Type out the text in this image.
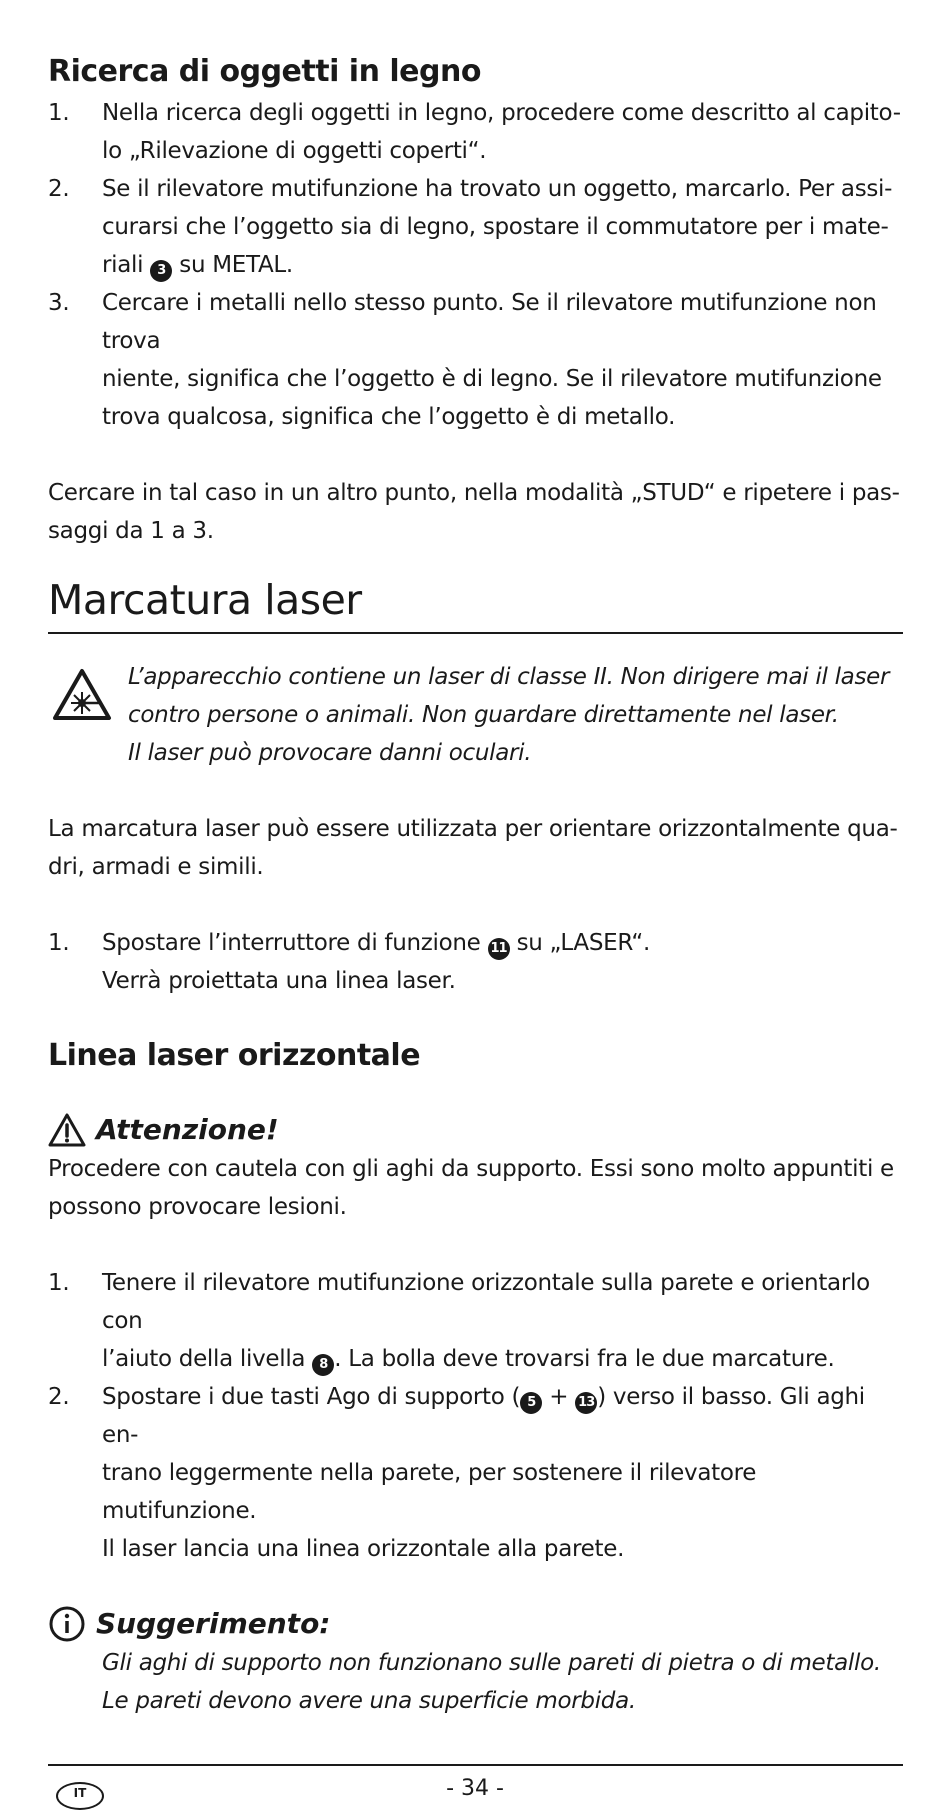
Ricerca di oggetti in legno
1. Nella ricerca degli oggetti in legno, procedere come descritto al capito-
lo „Rilevazione di oggetti coperti“.
2. Se il rilevatore mutifunzione ha trovato un oggetto, marcarlo. Per assi-
curarsi che l’oggetto sia di legno, spostare il commutatore per i mate-
riali 3 su METAL.
3. Cercare i metalli nello stesso punto. Se il rilevatore mutifunzione non trova
niente, significa che l’oggetto è di legno. Se il rilevatore mutifunzione
trova qualcosa, significa che l’oggetto è di metallo.

Cercare in tal caso in un altro punto, nella modalità „STUD“ e ripetere i pas-

saggi da 1 a 3.

Marcatura laser

L’apparecchio contiene un laser di classe II. Non dirigere mai il laser

contro persone o animali. Non guardare direttamente nel laser.

Il laser può provocare danni oculari.

La marcatura laser può essere utilizzata per orientare orizzontalmente qua-

dri, armadi e simili.

1. Spostare l’interruttore di funzione 11 su „LASER“.
Verrà proiettata una linea laser.
Linea laser orizzontale
Attenzione!

Procedere con cautela con gli aghi da supporto. Essi sono molto appuntiti e

possono provocare lesioni.

1. Tenere il rilevatore mutifunzione orizzontale sulla parete e orientarlo con
l’aiuto della livella 8 . La bolla deve trovarsi fra le due marcature.
2. Spostare i due tasti Ago di supporto ( 5 + 13 ) verso il basso. Gli aghi en-
trano leggermente nella parete, per sostenere il rilevatore mutifunzione.
Il laser lancia una linea orizzontale alla parete.
Suggerimento:

Gli aghi di supporto non funzionano sulle pareti di pietra o di metallo.

Le pareti devono avere una superficie morbida.

IT	- 34 -
